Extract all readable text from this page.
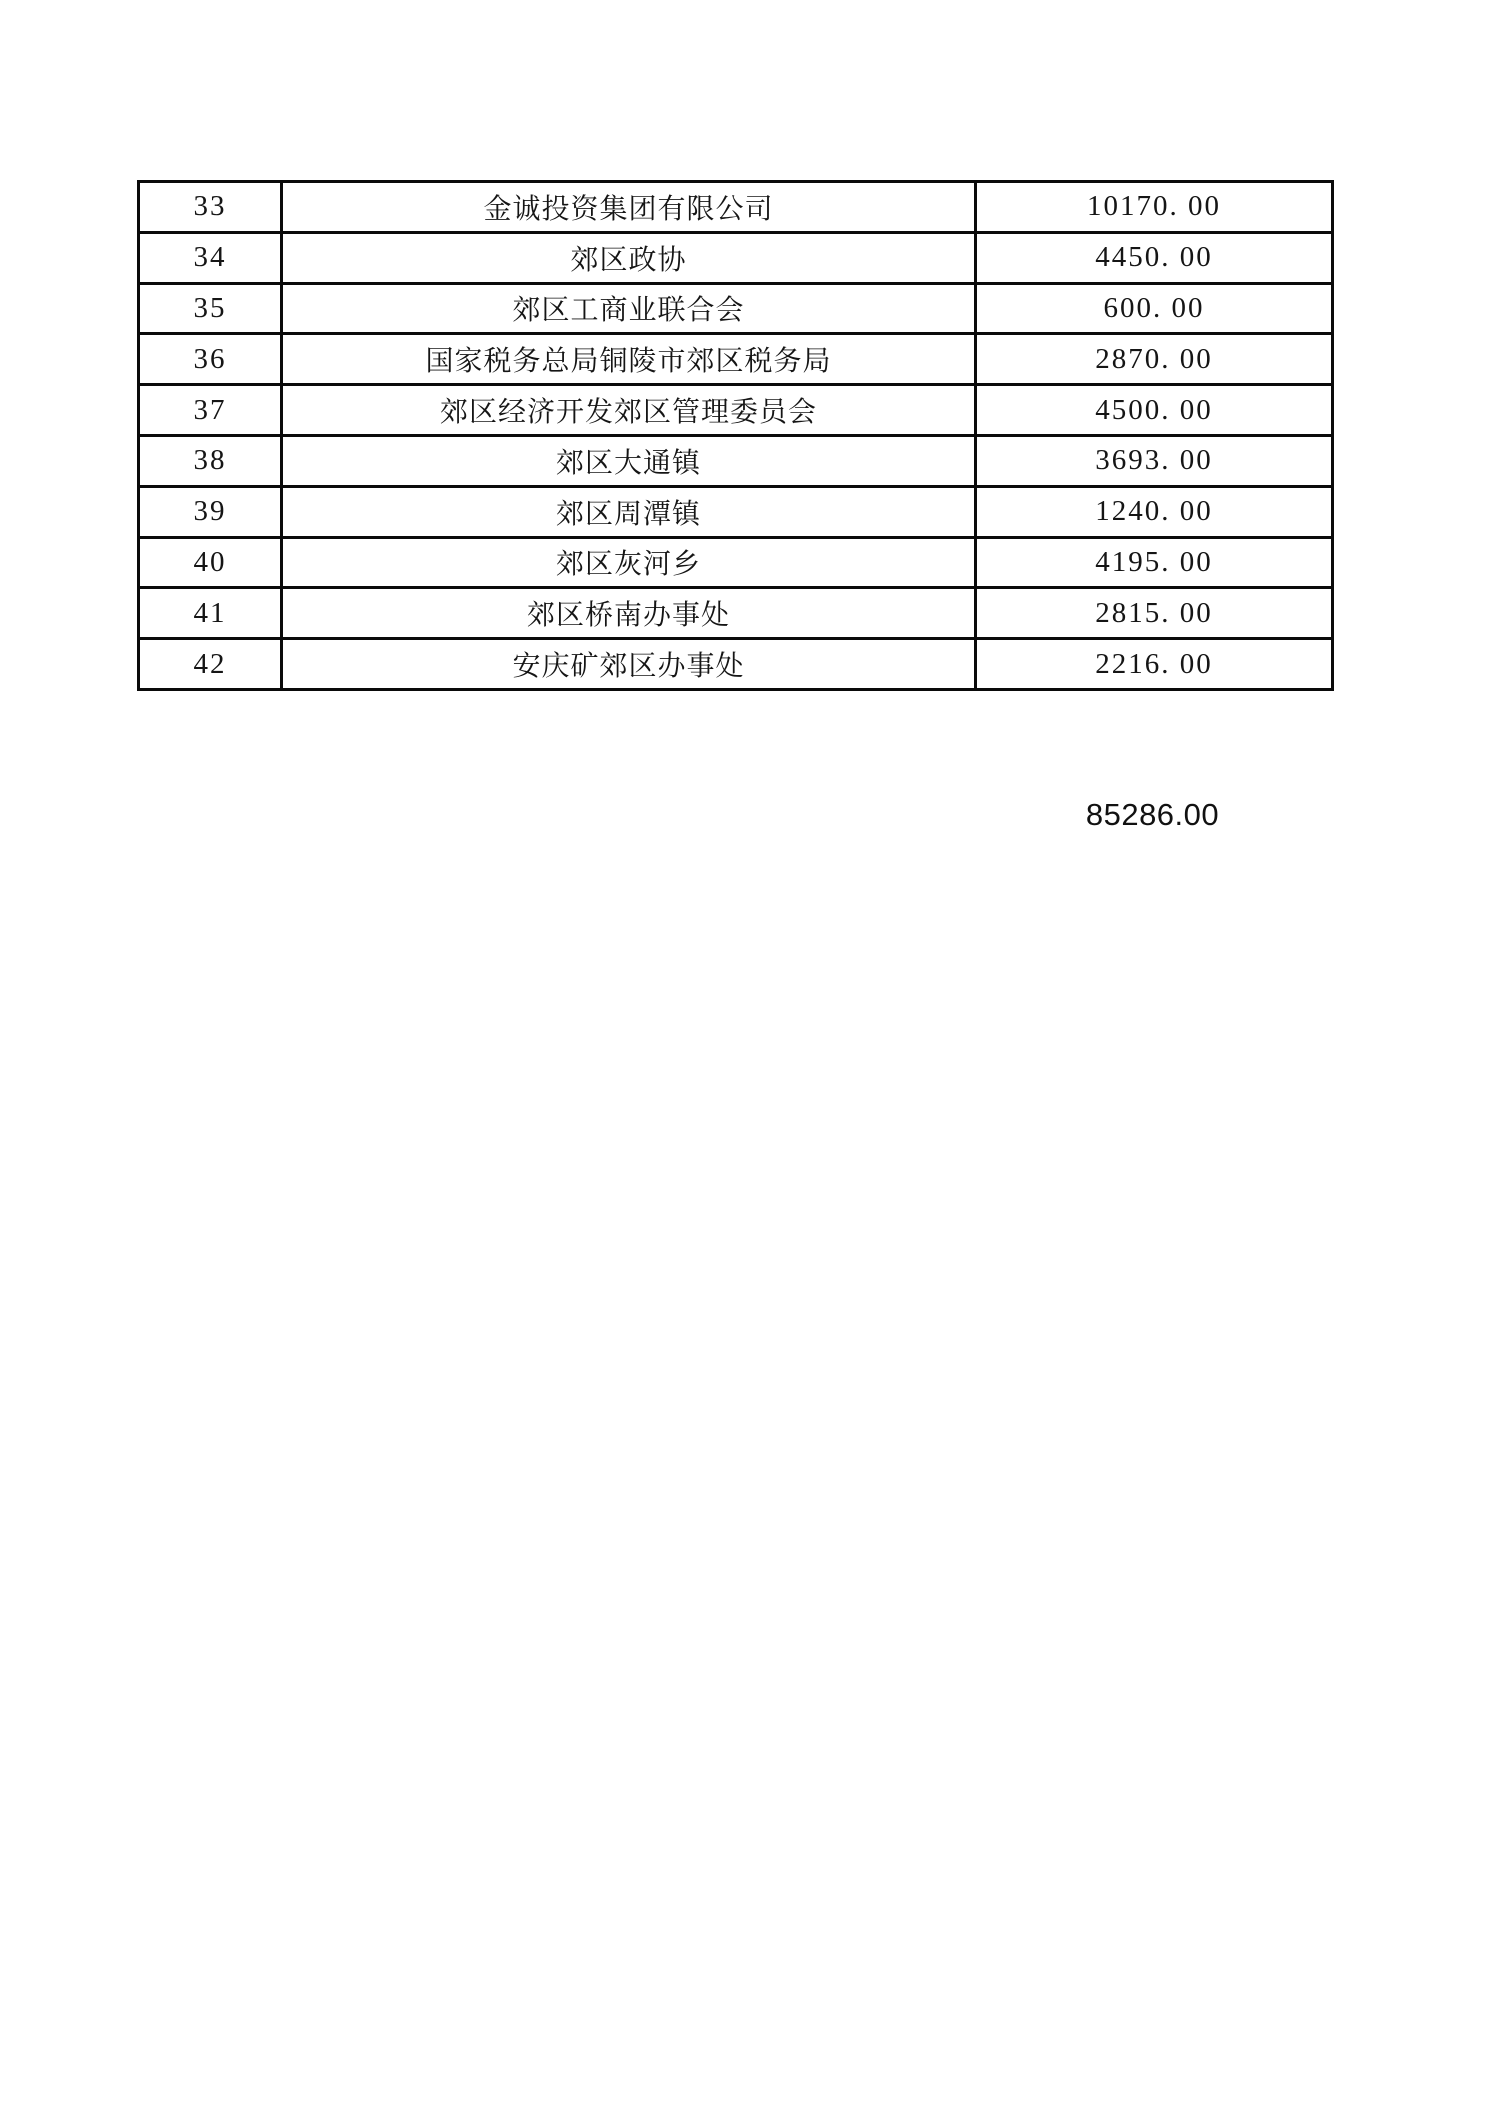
33	金诚投资集团有限公司	10170. 00
34	郊区政协	4450. 00
35	郊区工商业联合会	600. 00
36	国家税务总局铜陵市郊区税务局	2870. 00
37	郊区经济开发郊区管理委员会	4500. 00
38	郊区大通镇	3693. 00
39	郊区周潭镇	1240. 00
40	郊区灰河乡	4195. 00
41	郊区桥南办事处	2815. 00
42	安庆矿郊区办事处	2216. 00
85286.00
